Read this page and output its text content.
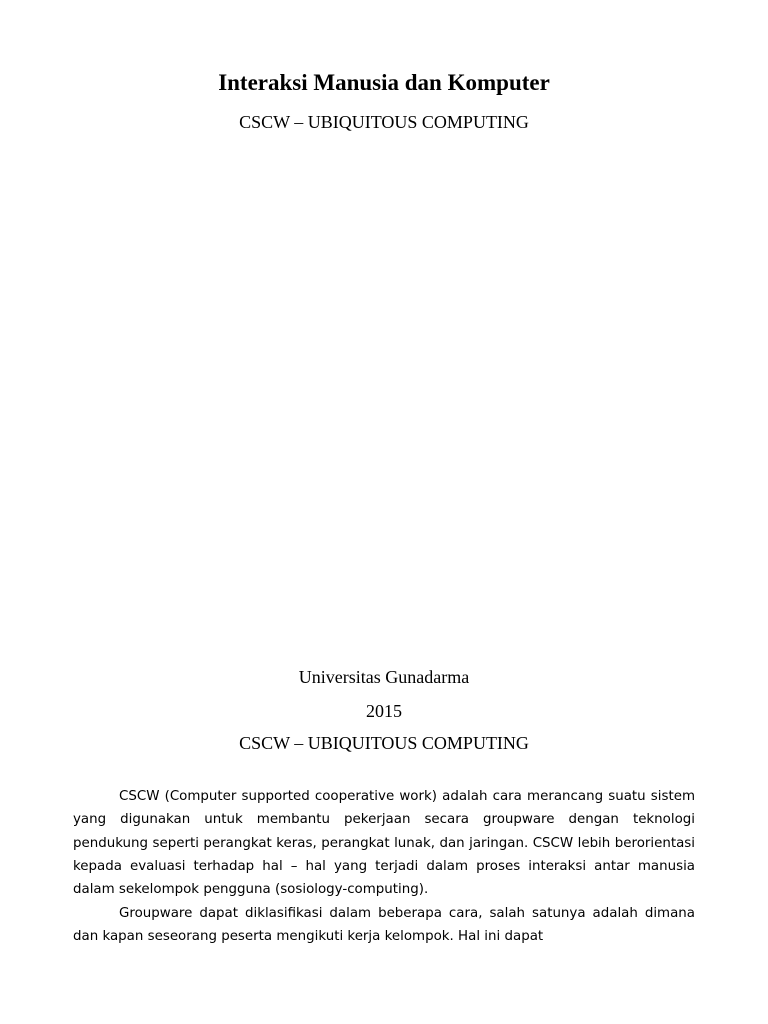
Interaksi Manusia dan Komputer
CSCW – UBIQUITOUS COMPUTING
Universitas Gunadarma
2015
CSCW – UBIQUITOUS COMPUTING

CSCW (Computer supported cooperative work) adalah cara merancang suatu sistem yang digunakan untuk membantu pekerjaan secara groupware dengan teknologi pendukung seperti perangkat keras, perangkat lunak, dan jaringan. CSCW lebih berorientasi kepada evaluasi terhadap hal – hal yang terjadi dalam proses interaksi antar manusia dalam sekelompok pengguna (sosiology-computing).

Groupware dapat diklasifikasi dalam beberapa cara, salah satunya adalah dimana dan kapan seseorang peserta mengikuti kerja kelompok. Hal ini dapat
